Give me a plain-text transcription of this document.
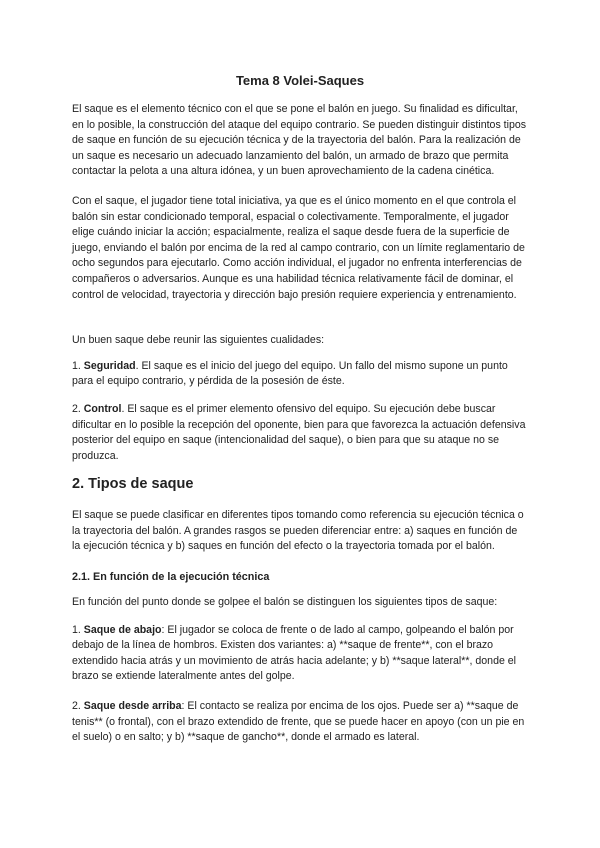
Tema 8 Volei-Saques

El saque es el elemento técnico con el que se pone el balón en juego. Su finalidad es dificultar, en lo posible, la construcción del ataque del equipo contrario. Se pueden distinguir distintos tipos de saque en función de su ejecución técnica y de la trayectoria del balón. Para la realización de un saque es necesario un adecuado lanzamiento del balón, un armado de brazo que permita contactar la pelota a una altura idónea, y un buen aprovechamiento de la cadena cinética.

Con el saque, el jugador tiene total iniciativa, ya que es el único momento en el que controla el balón sin estar condicionado temporal, espacial o colectivamente. Temporalmente, el jugador elige cuándo iniciar la acción; espacialmente, realiza el saque desde fuera de la superficie de juego, enviando el balón por encima de la red al campo contrario, con un límite reglamentario de ocho segundos para ejecutarlo. Como acción individual, el jugador no enfrenta interferencias de compañeros o adversarios. Aunque es una habilidad técnica relativamente fácil de dominar, el control de velocidad, trayectoria y dirección bajo presión requiere experiencia y entrenamiento.

Un buen saque debe reunir las siguientes cualidades:

1. Seguridad. El saque es el inicio del juego del equipo. Un fallo del mismo supone un punto para el equipo contrario, y pérdida de la posesión de éste.

2. Control. El saque es el primer elemento ofensivo del equipo. Su ejecución debe buscar dificultar en lo posible la recepción del oponente, bien para que favorezca la actuación defensiva posterior del equipo en saque (intencionalidad del saque), o bien para que su ataque no se produzca.

2. Tipos de saque

El saque se puede clasificar en diferentes tipos tomando como referencia su ejecución técnica o la trayectoria del balón. A grandes rasgos se pueden diferenciar entre: a) saques en función de la ejecución técnica y b) saques en función del efecto o la trayectoria tomada por el balón.

2.1. En función de la ejecución técnica

En función del punto donde se golpee el balón se distinguen los siguientes tipos de saque:

1. Saque de abajo: El jugador se coloca de frente o de lado al campo, golpeando el balón por debajo de la línea de hombros. Existen dos variantes: a) **saque de frente**, con el brazo extendido hacia atrás y un movimiento de atrás hacia adelante; y b) **saque lateral**, donde el brazo se extiende lateralmente antes del golpe.

2. Saque desde arriba: El contacto se realiza por encima de los ojos. Puede ser a) **saque de tenis** (o frontal), con el brazo extendido de frente, que se puede hacer en apoyo (con un pie en el suelo) o en salto; y b) **saque de gancho**, donde el armado es lateral.
